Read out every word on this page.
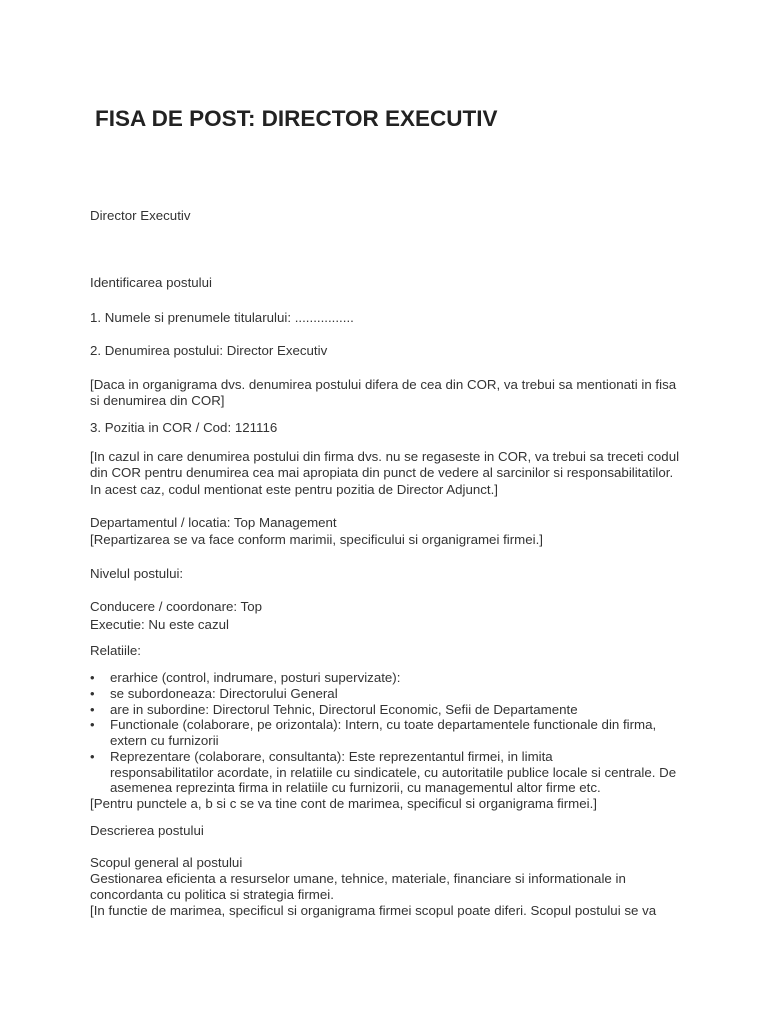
FISA DE POST: DIRECTOR EXECUTIV

Director Executiv

Identificarea postului

1. Numele si prenumele titularului: ................

2. Denumirea postului: Director Executiv

[Daca in organigrama dvs. denumirea postului difera de cea din COR, va trebui sa mentionati in fisa

si denumirea din COR]

3. Pozitia in COR / Cod: 121116

[In cazul in care denumirea postului din firma dvs. nu se regaseste in COR, va trebui sa treceti codul

din COR pentru denumirea cea mai apropiata din punct de vedere al sarcinilor si responsabilitatilor.

In acest caz, codul mentionat este pentru pozitia de Director Adjunct.]

Departamentul / locatia: Top Management

[Repartizarea se va face conform marimii, specificului si organigramei firmei.]

Nivelul postului:

Conducere / coordonare: Top

Executie: Nu este cazul

Relatiile:

• erarhice (control, indrumare, posturi supervizate):

• se subordoneaza: Directorului General

• are in subordine: Directorul Tehnic, Directorul Economic, Sefii de Departamente

• Functionale (colaborare, pe orizontala): Intern, cu toate departamentele functionale din firma,

extern cu furnizorii

• Reprezentare (colaborare, consultanta): Este reprezentantul firmei, in limita

responsabilitatilor acordate, in relatiile cu sindicatele, cu autoritatile publice locale si centrale. De

asemenea reprezinta firma in relatiile cu furnizorii, cu managementul altor firme etc.

[Pentru punctele a, b si c se va tine cont de marimea, specificul si organigrama firmei.]

Descrierea postului

Scopul general al postului

Gestionarea eficienta a resurselor umane, tehnice, materiale, financiare si informationale in

concordanta cu politica si strategia firmei.

[In functie de marimea, specificul si organigrama firmei scopul poate diferi. Scopul postului se va
